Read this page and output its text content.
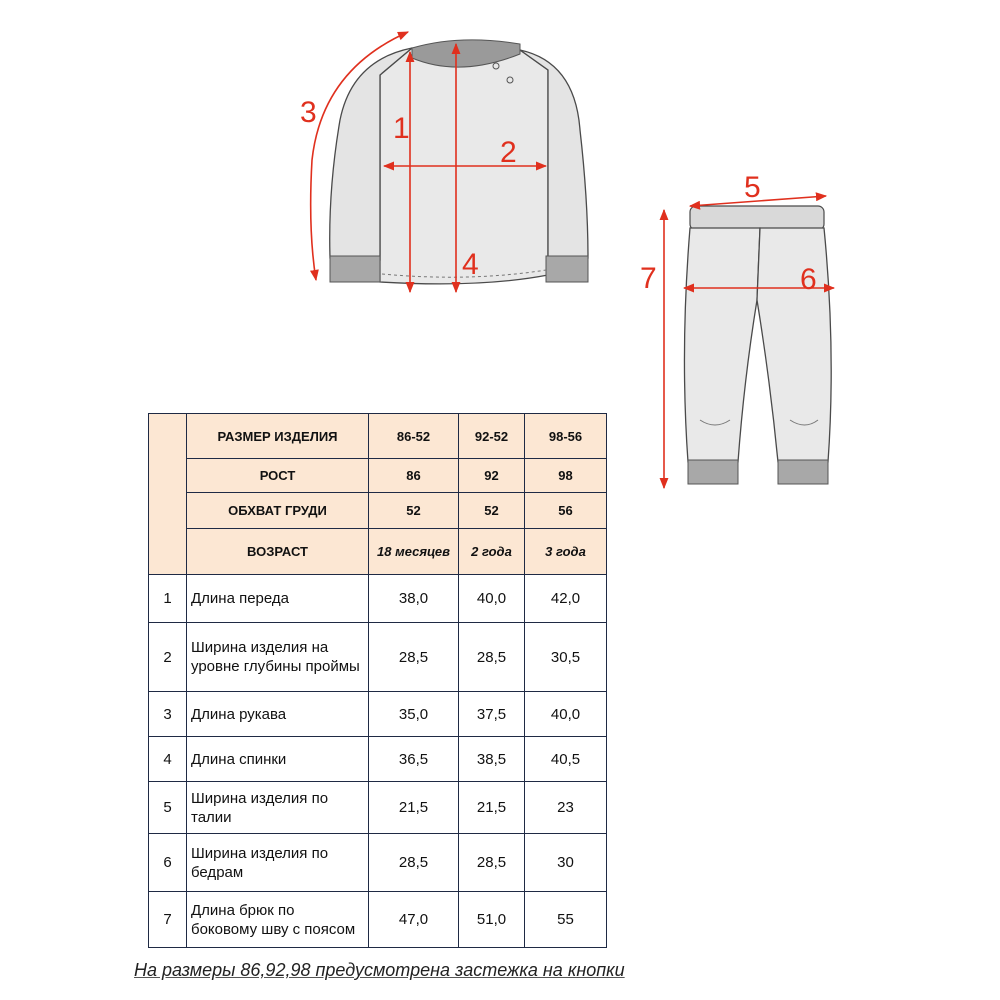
1
2
3
4
5
6
7
	РАЗМЕР ИЗДЕЛИЯ	86-52	92-52	98-56
	РОСТ	86	92	98
	ОБХВАТ ГРУДИ	52	52	56
	ВОЗРАСТ	18 месяцев	2 года	3 года
1	Длина переда	38,0	40,0	42,0
2	Ширина изделия на уровне глубины проймы	28,5	28,5	30,5
3	Длина рукава	35,0	37,5	40,0
4	Длина спинки	36,5	38,5	40,5
5	Ширина изделия по талии	21,5	21,5	23
6	Ширина изделия по бедрам	28,5	28,5	30
7	Длина брюк по боковому шву с поясом	47,0	51,0	55
На размеры 86,92,98 предусмотрена застежка на кнопки
